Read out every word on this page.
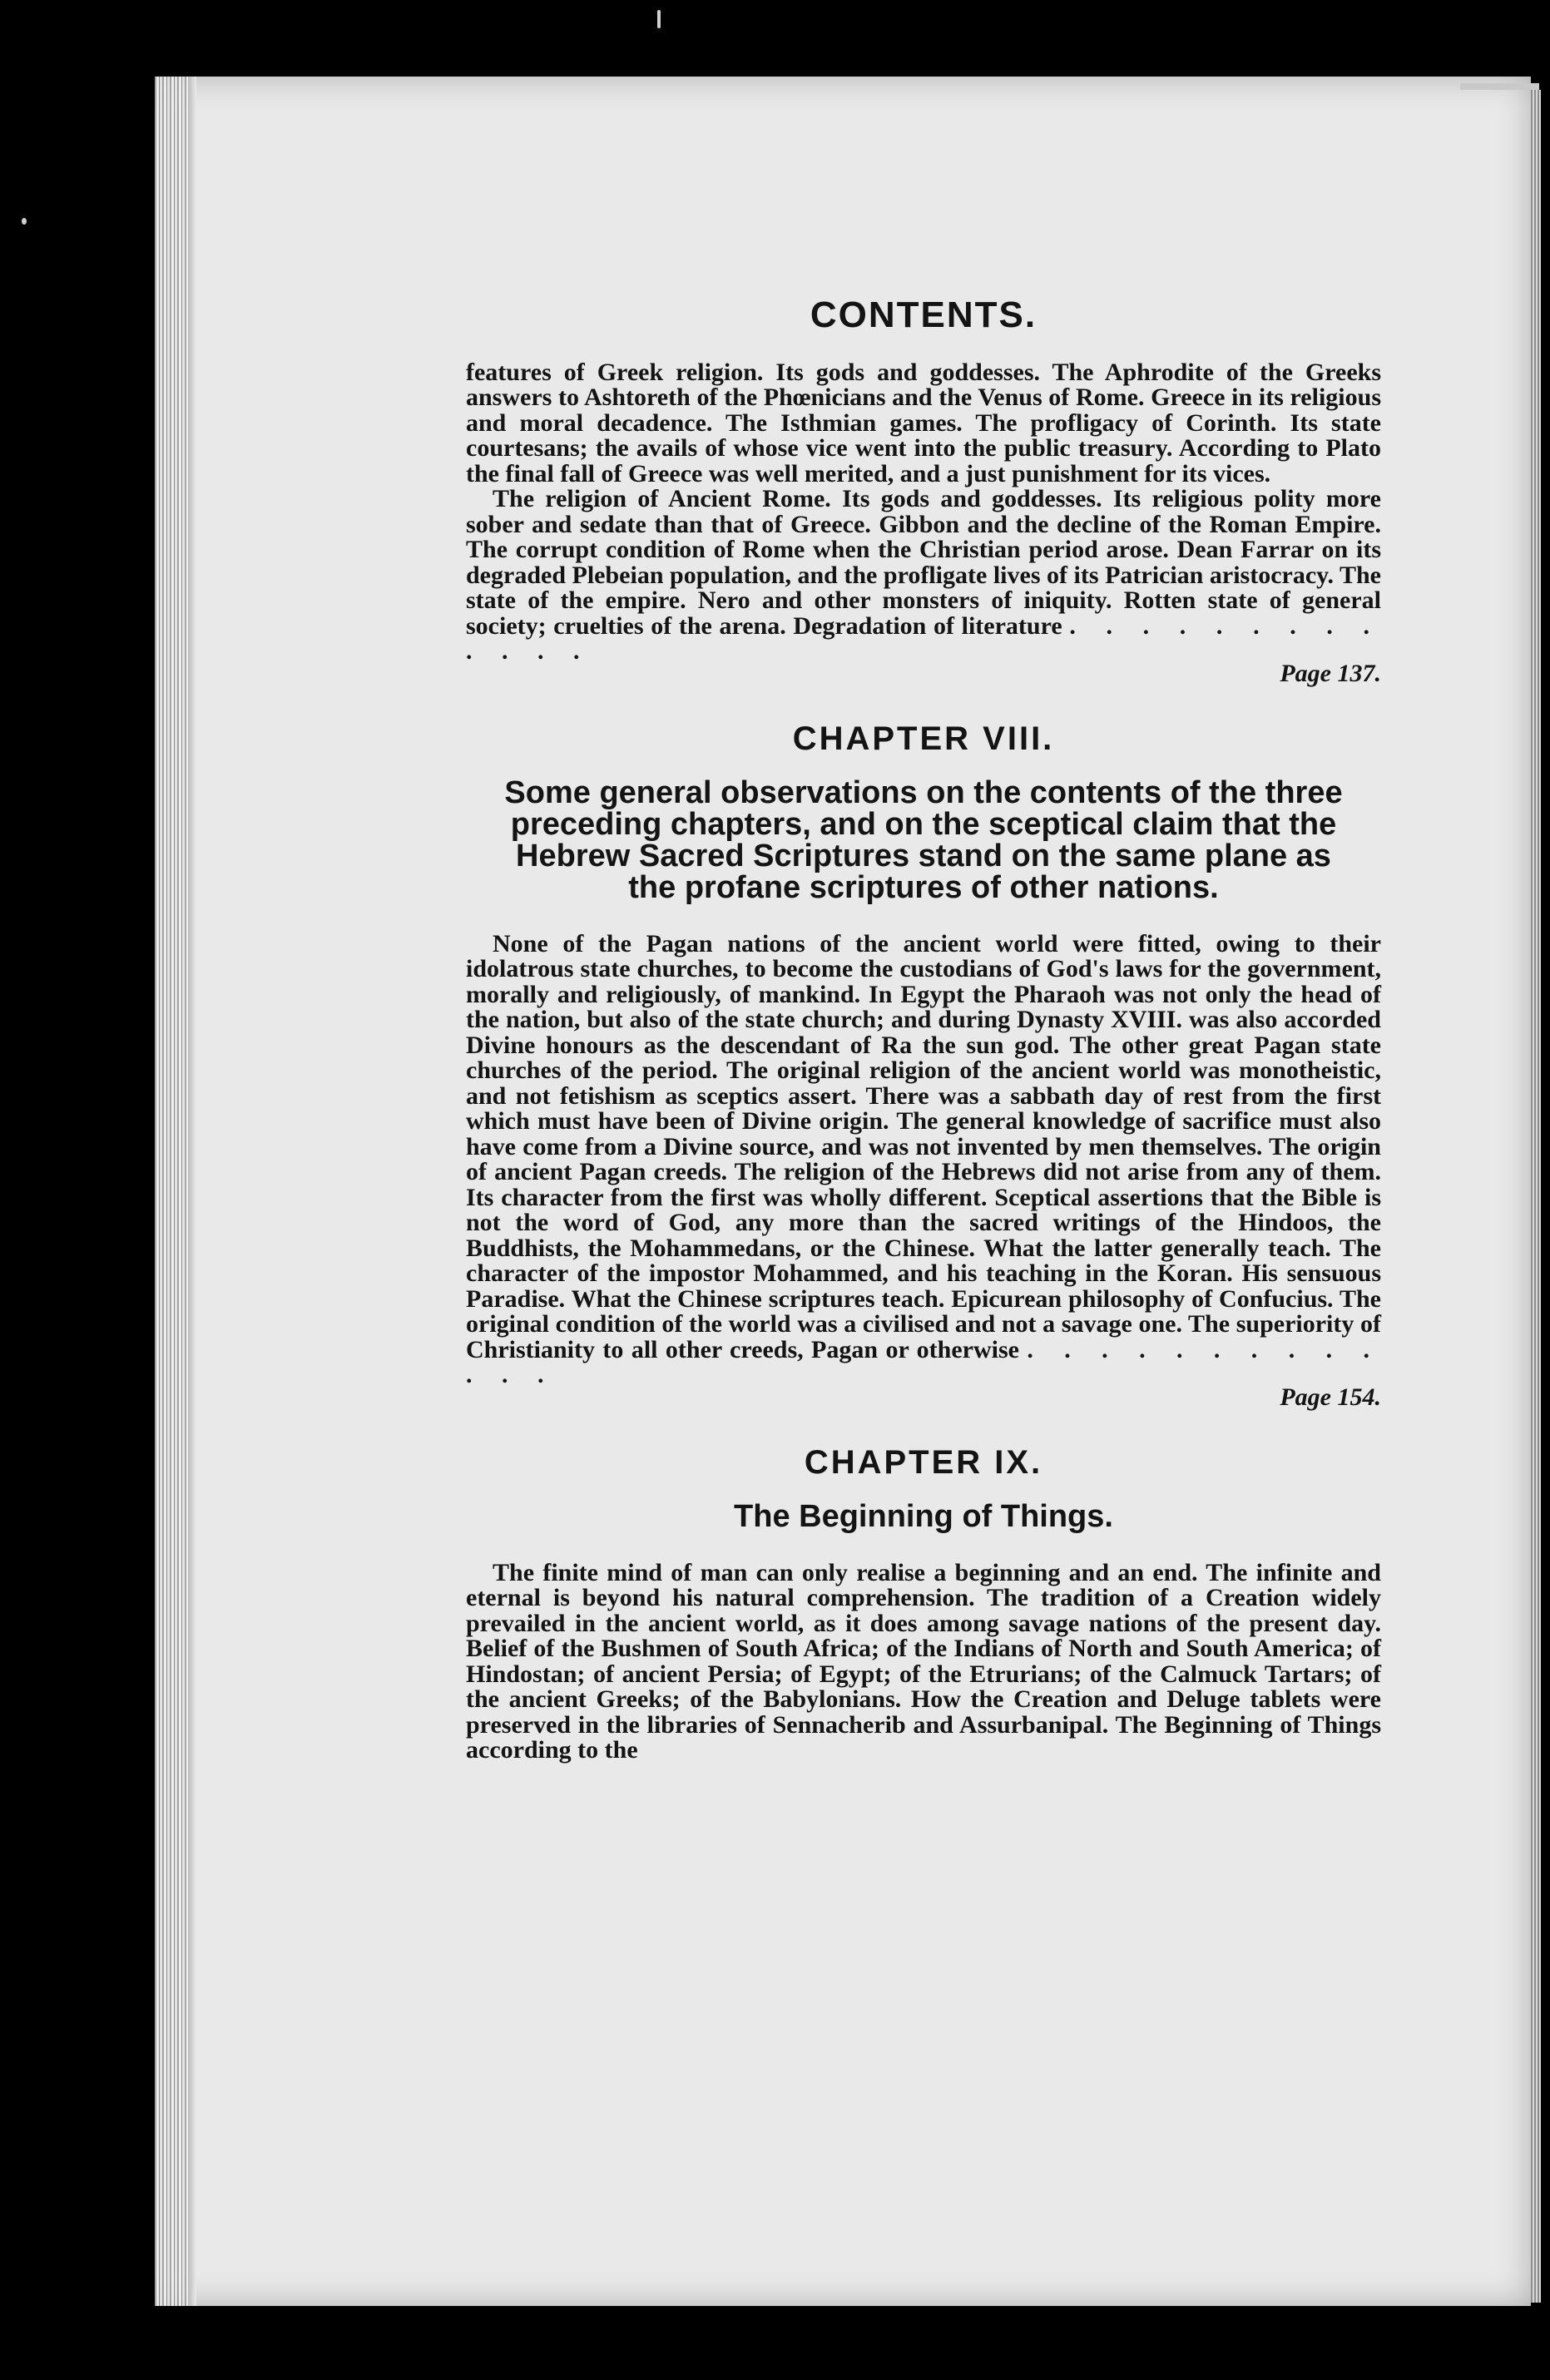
CONTENTS.

features of Greek religion. Its gods and goddesses. The Aphrodite of the Greeks answers to Ashtoreth of the Phœnicians and the Venus of Rome. Greece in its religious and moral decadence. The Isthmian games. The profligacy of Corinth. Its state courtesans; the avails of whose vice went into the public treasury. According to Plato the final fall of Greece was well merited, and a just punishment for its vices.

The religion of Ancient Rome. Its gods and goddesses. Its religious polity more sober and sedate than that of Greece. Gibbon and the decline of the Roman Empire. The corrupt condition of Rome when the Christian period arose. Dean Farrar on its degraded Plebeian population, and the profligate lives of its Patrician aristocracy. The state of the empire. Nero and other monsters of iniquity. Rotten state of general society; cruelties of the arena. Degradation of literature . . . . . . . . . . . . .

Page 137.
CHAPTER VIII.
Some general observations on the contents of the three preceding chapters, and on the sceptical claim that the Hebrew Sacred Scriptures stand on the same plane as the profane scriptures of other nations.

None of the Pagan nations of the ancient world were fitted, owing to their idolatrous state churches, to become the custodians of God's laws for the government, morally and religiously, of mankind. In Egypt the Pharaoh was not only the head of the nation, but also of the state church; and during Dynasty XVIII. was also accorded Divine honours as the descendant of Ra the sun god. The other great Pagan state churches of the period. The original religion of the ancient world was monotheistic, and not fetishism as sceptics assert. There was a sabbath day of rest from the first which must have been of Divine origin. The general knowledge of sacrifice must also have come from a Divine source, and was not invented by men themselves. The origin of ancient Pagan creeds. The religion of the Hebrews did not arise from any of them. Its character from the first was wholly different. Sceptical assertions that the Bible is not the word of God, any more than the sacred writings of the Hindoos, the Buddhists, the Mohammedans, or the Chinese. What the latter generally teach. The character of the impostor Mohammed, and his teaching in the Koran. His sensuous Paradise. What the Chinese scriptures teach. Epicurean philosophy of Confucius. The original condition of the world was a civilised and not a savage one. The superiority of Christianity to all other creeds, Pagan or otherwise . . . . . . . . . . . . .

Page 154.
CHAPTER IX.
The Beginning of Things.

The finite mind of man can only realise a beginning and an end. The infinite and eternal is beyond his natural comprehension. The tradition of a Creation widely prevailed in the ancient world, as it does among savage nations of the present day. Belief of the Bushmen of South Africa; of the Indians of North and South America; of Hindostan; of ancient Persia; of Egypt; of the Etrurians; of the Calmuck Tartars; of the ancient Greeks; of the Babylonians. How the Creation and Deluge tablets were preserved in the libraries of Sennacherib and Assurbanipal. The Beginning of Things according to the
